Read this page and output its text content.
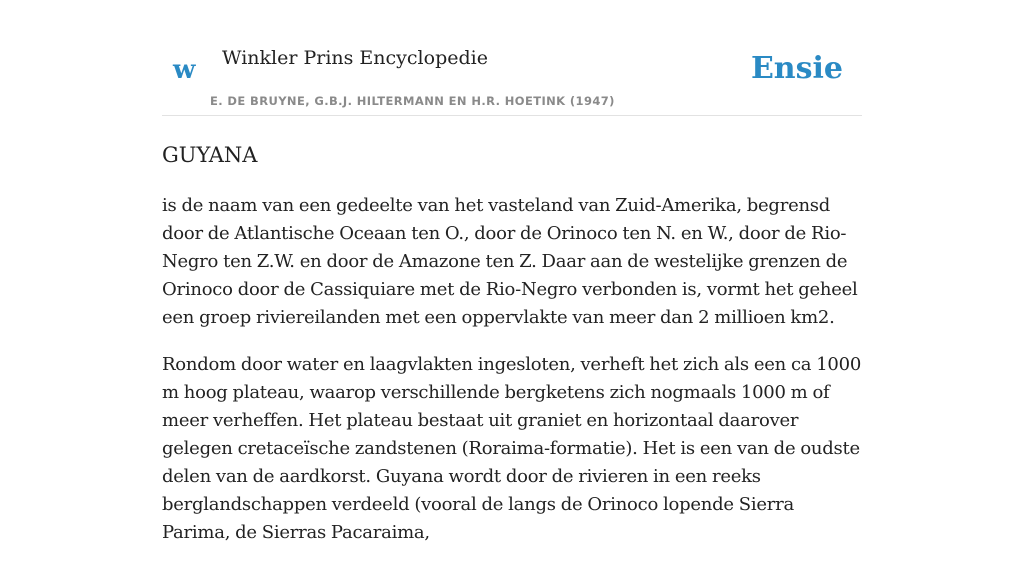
w Winkler Prins Encyclopedie
E. DE BRUYNE, G.B.J. HILTERMANN EN H.R. HOETINK (1947)
Ensie
GUYANA

is de naam van een gedeelte van het vasteland van Zuid-Amerika, begrensd door de Atlantische Oceaan ten O., door de Orinoco ten N. en W., door de Rio-Negro ten Z.W. en door de Amazone ten Z. Daar aan de westelijke grenzen de Orinoco door de Cassiquiare met de Rio-Negro verbonden is, vormt het geheel een groep riviereilanden met een oppervlakte van meer dan 2 millioen km2.

Rondom door water en laagvlakten ingesloten, verheft het zich als een ca 1000 m hoog plateau, waarop verschillende bergketens zich nogmaals 1000 m of meer verheffen. Het plateau bestaat uit graniet en horizontaal daarover gelegen cretaceïsche zandstenen (Roraima-formatie). Het is een van de oudste delen van de aardkorst. Guyana wordt door de rivieren in een reeks berglandschappen verdeeld (vooral de langs de Orinoco lopende Sierra Parima, de Sierras Pacaraima,
